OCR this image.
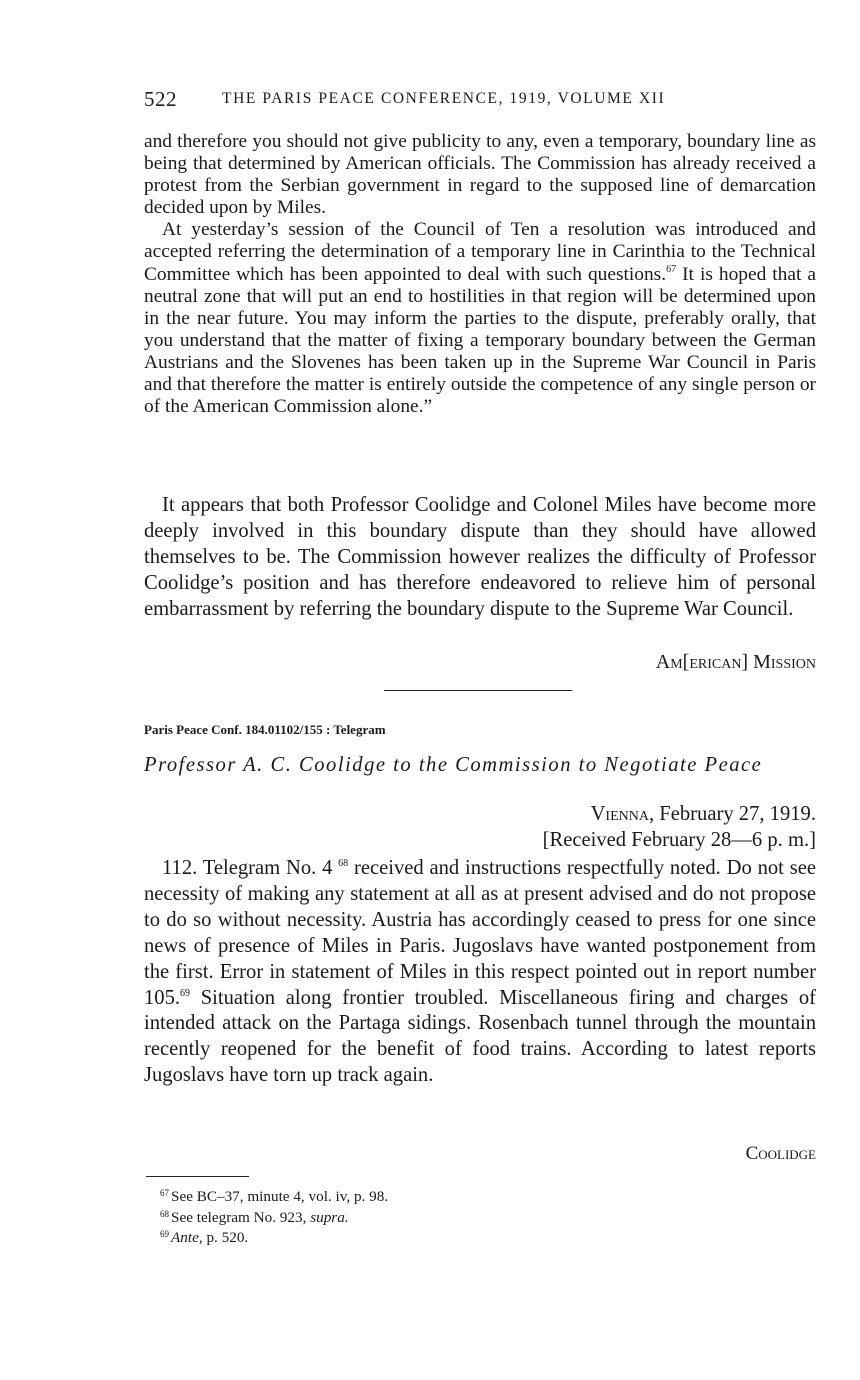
522	THE PARIS PEACE CONFERENCE, 1919, VOLUME XII

and therefore you should not give publicity to any, even a temporary, boundary line as being that determined by American officials. The Commission has already received a protest from the Serbian government in regard to the supposed line of demarcation decided upon by Miles.

At yesterday’s session of the Council of Ten a resolution was introduced and accepted referring the determination of a temporary line in Carinthia to the Technical Committee which has been appointed to deal with such questions.$^{67}$ It is hoped that a neutral zone that will put an end to hostilities in that region will be determined upon in the near future. You may inform the parties to the dispute, preferably orally, that you understand that the matter of fixing a temporary boundary between the German Austrians and the Slovenes has been taken up in the Supreme War Council in Paris and that therefore the matter is entirely outside the competence of any single person or of the American Commission alone.”

It appears that both Professor Coolidge and Colonel Miles have become more deeply involved in this boundary dispute than they should have allowed themselves to be. The Commission however realizes the difficulty of Professor Coolidge’s position and has therefore endeavored to relieve him of personal embarrassment by referring the boundary dispute to the Supreme War Council.

Am[erican] Mission
Paris Peace Conf. 184.01102/155 : Telegram
Professor A. C. Coolidge to the Commission to Negotiate Peace
Vienna, February 27, 1919.
[Received February 28—6 p. m.]

112. Telegram No. 4 $^{68}$ received and instructions respectfully noted. Do not see necessity of making any statement at all as at present advised and do not propose to do so without necessity. Austria has accordingly ceased to press for one since news of presence of Miles in Paris. Jugoslavs have wanted postponement from the first. Error in statement of Miles in this respect pointed out in report number 105.69 Situation along frontier troubled. Miscellaneous firing and charges of intended attack on the Partaga sidings. Rosenbach tunnel through the mountain recently reopened for the benefit of food trains. According to latest reports Jugoslavs have torn up track again.

Coolidge
$^{67}$ See BC–37, minute 4, vol. iv, p. 98.
$^{68}$ See telegram No. 923, supra.
$^{69}$ Ante, p. 520.
